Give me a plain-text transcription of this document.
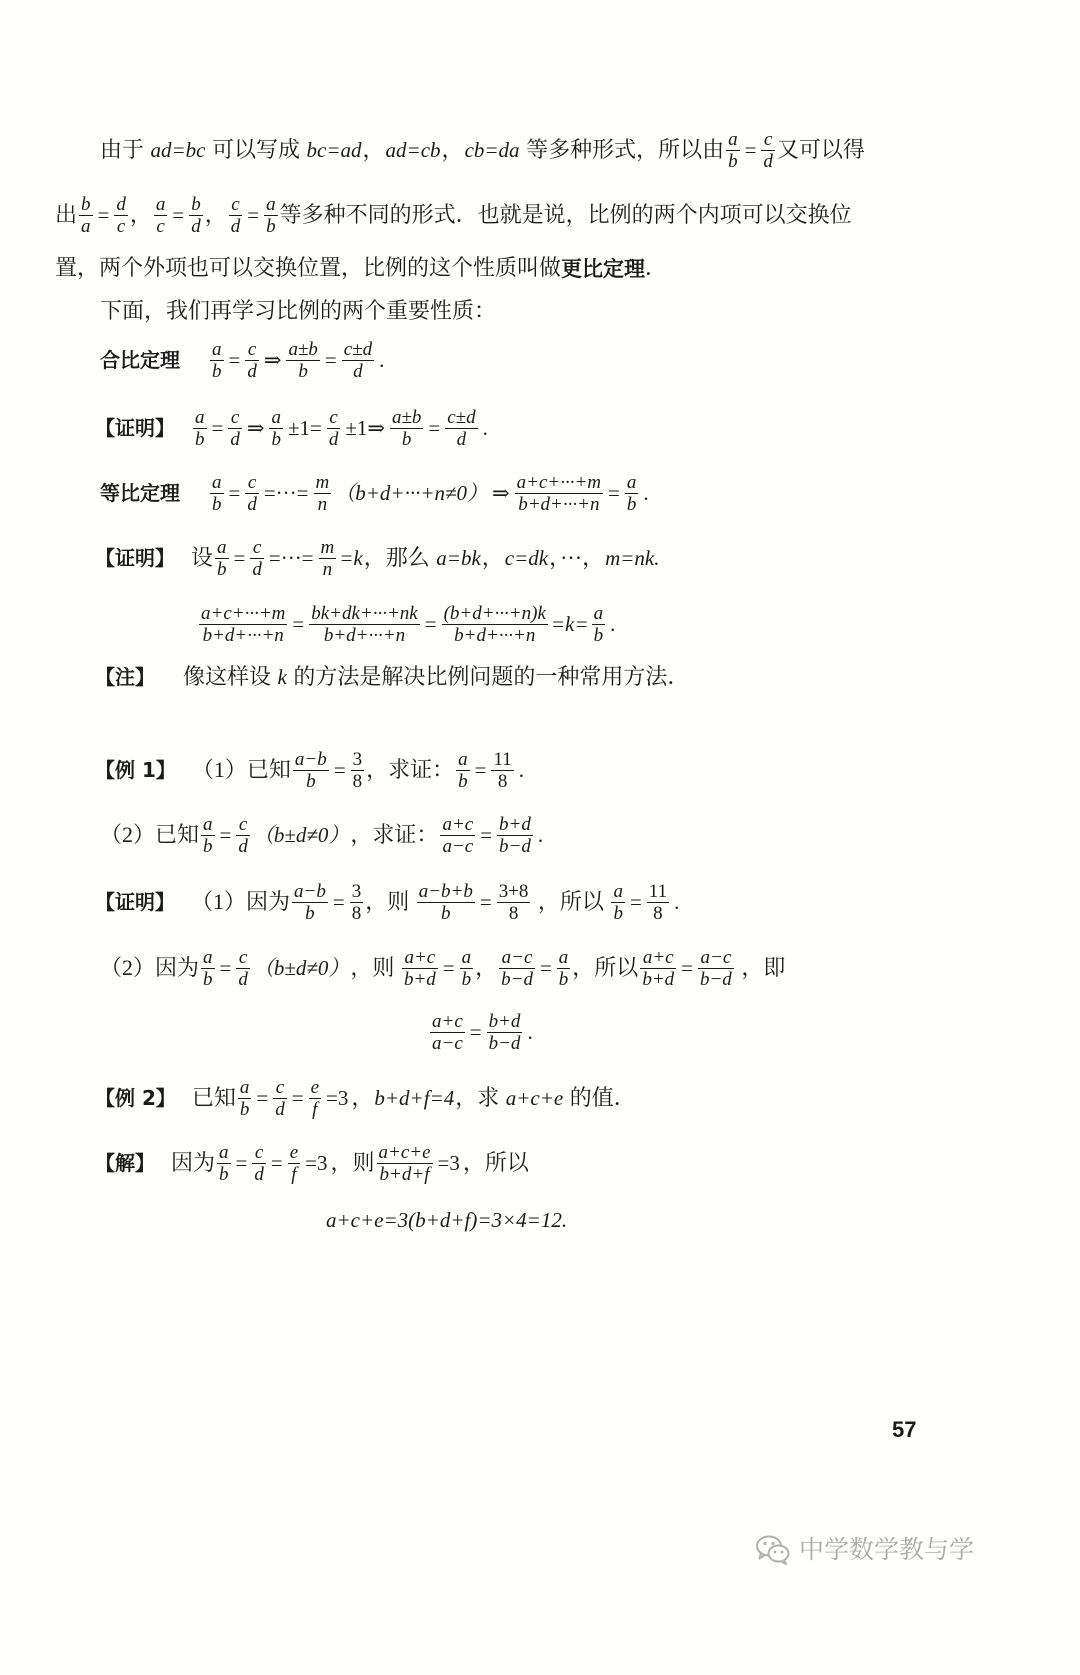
由于 ad=bc 可以写成 bc=ad ， ad=cb ， cb=da 等多种形式，所以由 $\frac{a}{b} = \frac{c}{d}$ 又可以得
出 $\frac{b}{a} = \frac{d}{c}$ ， $\frac{a}{c} = \frac{b}{d}$ ， $\frac{c}{d} = \frac{a}{b}$ 等多种不同的形式．也就是说，比例的两个内项可以交换位
置，两个外项也可以交换位置，比例的这个性质叫做 更比定理 ．
下面，我们再学习比例的两个重要性质：
合比定理 $\frac{a}{b} = \frac{c}{d}$ ⇒ $\frac{a\pm b}{b} = \frac{c\pm d}{d}$ .
【证明】 $\frac{a}{b} = \frac{c}{d}$ ⇒ $\frac{a}{b} \pm 1= \frac{c}{d}$ ±1⇒ $\frac{a\pm b}{b} = \frac{c\pm d}{d}$ .
等比定理 $\frac{a}{b} = \frac{c}{d}$ =···= $\frac{m}{n} (b+d+\cdot\cdot\cdot+n\ne 0)$ ⇒ $\frac{a+c+\cdot\cdot\cdot+m}{b+d+\cdot\cdot\cdot+n} = \frac{a}{b}$ .
【证明】 设 $\frac{a}{b} = \frac{c}{d}$ =···= $\frac{m}{n} =k$ ，那么 a=bk ， c=dk ，···， m=nk.
$\frac{a+c+\cdot\cdot\cdot+m}{b+d+\cdot\cdot\cdot+n} = \frac{bk+dk+\cdot\cdot\cdot+nk}{b+d+\cdot\cdot\cdot+n} = \frac{(b+d+\cdot\cdot\cdot+n)k}{b+d+\cdot\cdot\cdot+n} =k= \frac{a}{b}$ .
【注】 像这样设 k 的方法是解决比例问题的一种常用方法．
【例 1】 （1）已知 $\frac{a-b}{b} = \frac{3}{8}$ ，求证： $\frac{a}{b} = \frac{11}{8}$ .
（2）已知 $\frac{a}{b} = \frac{c}{d} (b\pm d\ne 0)$ ，求证： $\frac{a+c}{a-c} = \frac{b+d}{b-d}$ .
【证明】 （1）因为 $\frac{a-b}{b} = \frac{3}{8}$ ，则 $\frac{a-b+b}{b} = \frac{3+8}{8}$ ，所以 $\frac{a}{b} = \frac{11}{8}$ .
（2）因为 $\frac{a}{b} = \frac{c}{d} (b\pm d\ne 0)$ ，则 $\frac{a+c}{b+d} = \frac{a}{b}$ ， $\frac{a-c}{b-d} = \frac{a}{b}$ ，所以 $\frac{a+c}{b+d} = \frac{a-c}{b-d}$ ，即
$\frac{a+c}{a-c} = \frac{b+d}{b-d}$ .
【例 2】 已知 $\frac{a}{b} = \frac{c}{d} = \frac{e}{f} =3$ ， b+d+f=4 ，求 a+c+e 的值．
【解】 因为 $\frac{a}{b} = \frac{c}{d} = \frac{e}{f} =3$ ，则 $\frac{a+c+e}{b+d+f} =3$ ，所以
a+c+e=3(b+d+f)=3×4=12.
57
中学数学教与学
